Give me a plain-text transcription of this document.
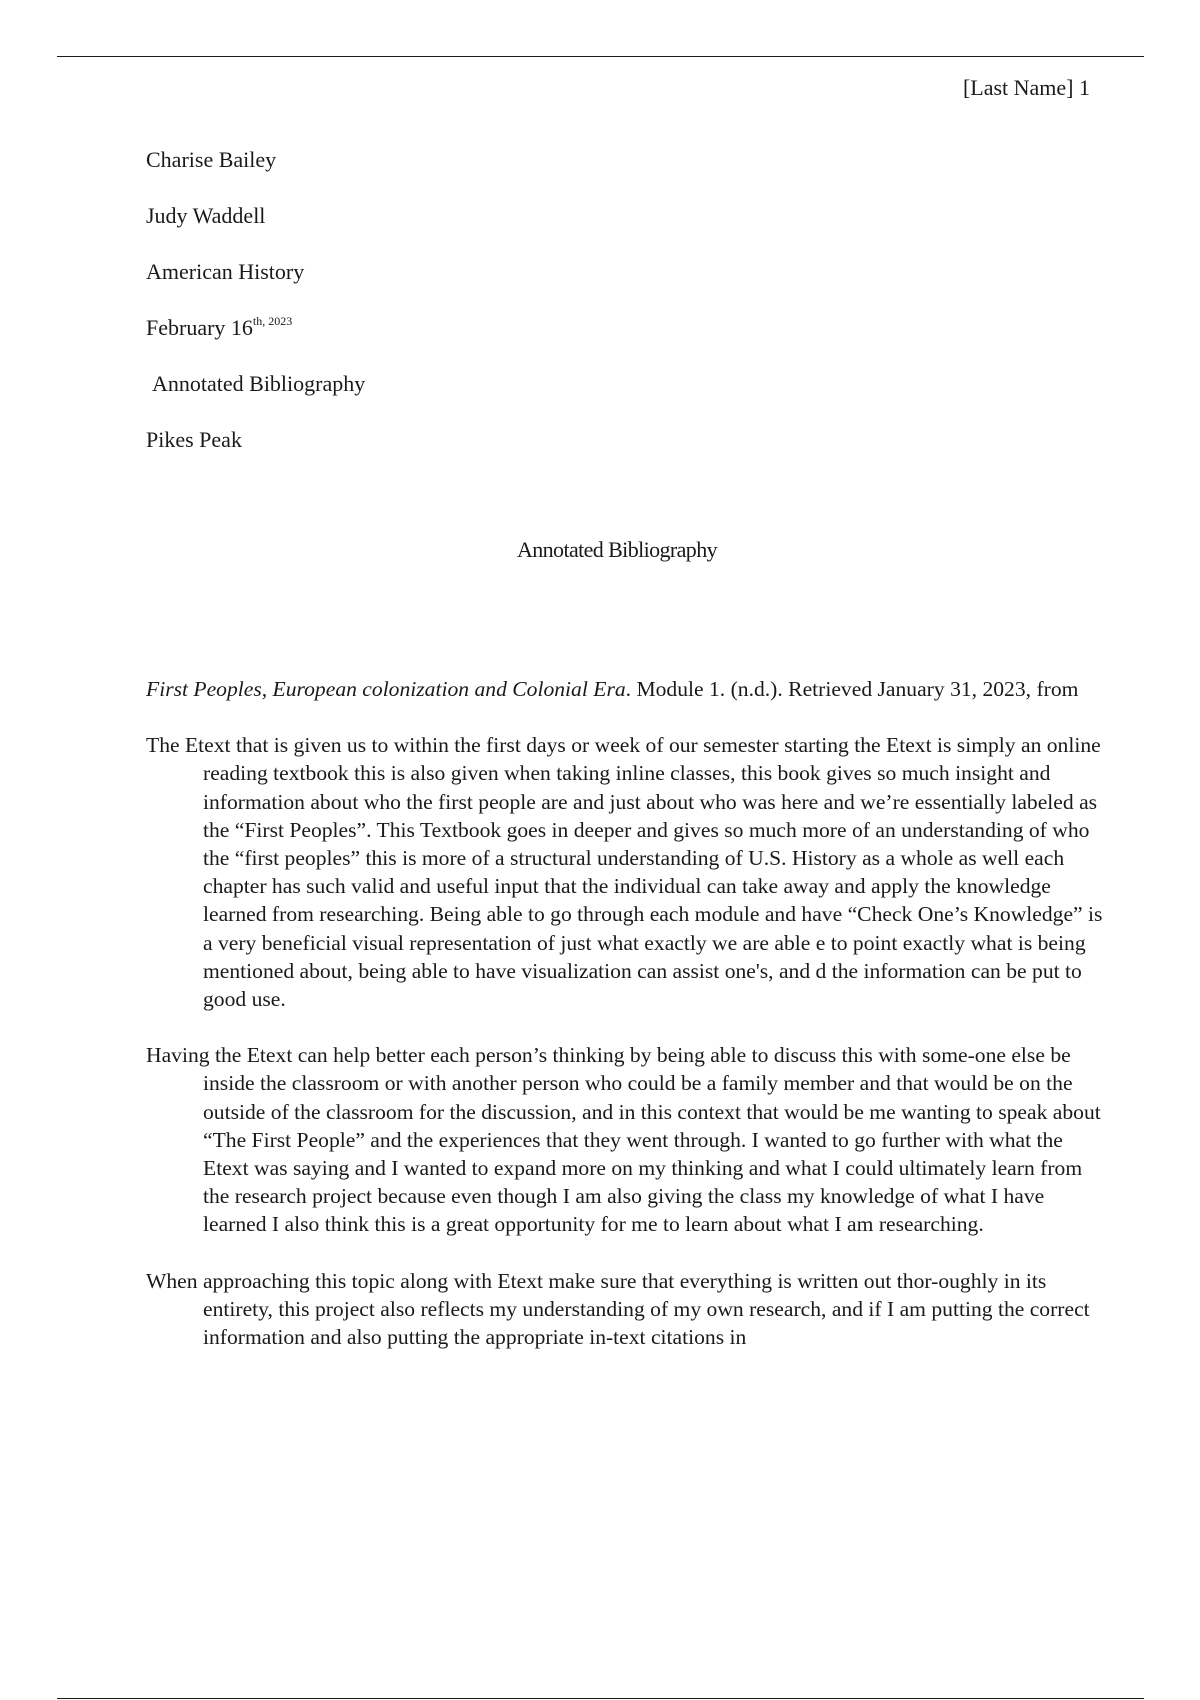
[Last Name] 1
Charise Bailey
Judy Waddell
American History
February $16^{th, 2023}$
Annotated Bibliography
Pikes Peak
Annotated Bibliography

First Peoples, European colonization and Colonial Era. Module 1. (n.d.). Retrieved January 31, 2023, from

The Etext that is given us to within the first days or week of our semester starting the Etext is simply an online reading textbook this is also given when taking inline classes, this book gives so much insight and information about who the first people are and just about who was here and we’re essentially labeled as the “First Peoples”. This Textbook goes in deeper and gives so much more of an understanding of who the “first peoples” this is more of a structural understanding of U.S. History as a whole as well each chapter has such valid and useful input that the individual can take away and apply the knowledge learned from researching. Being able to go through each module and have “Check One’s Knowledge” is a very beneficial visual representation of just what exactly we are able e to point exactly what is being mentioned about, being able to have visualization can assist one's, and d the information can be put to good use.

Having the Etext can help better each person’s thinking by being able to discuss this with some-one else be inside the classroom or with another person who could be a family member and that would be on the outside of the classroom for the discussion, and in this context that would be me wanting to speak about “The First People” and the experiences that they went through. I wanted to go further with what the Etext was saying and I wanted to expand more on my thinking and what I could ultimately learn from the research project because even though I am also giving the class my knowledge of what I have learned I also think this is a great opportunity for me to learn about what I am researching.

When approaching this topic along with Etext make sure that everything is written out thor-oughly in its entirety, this project also reflects my understanding of my own research, and if I am putting the correct information and also putting the appropriate in-text citations in
